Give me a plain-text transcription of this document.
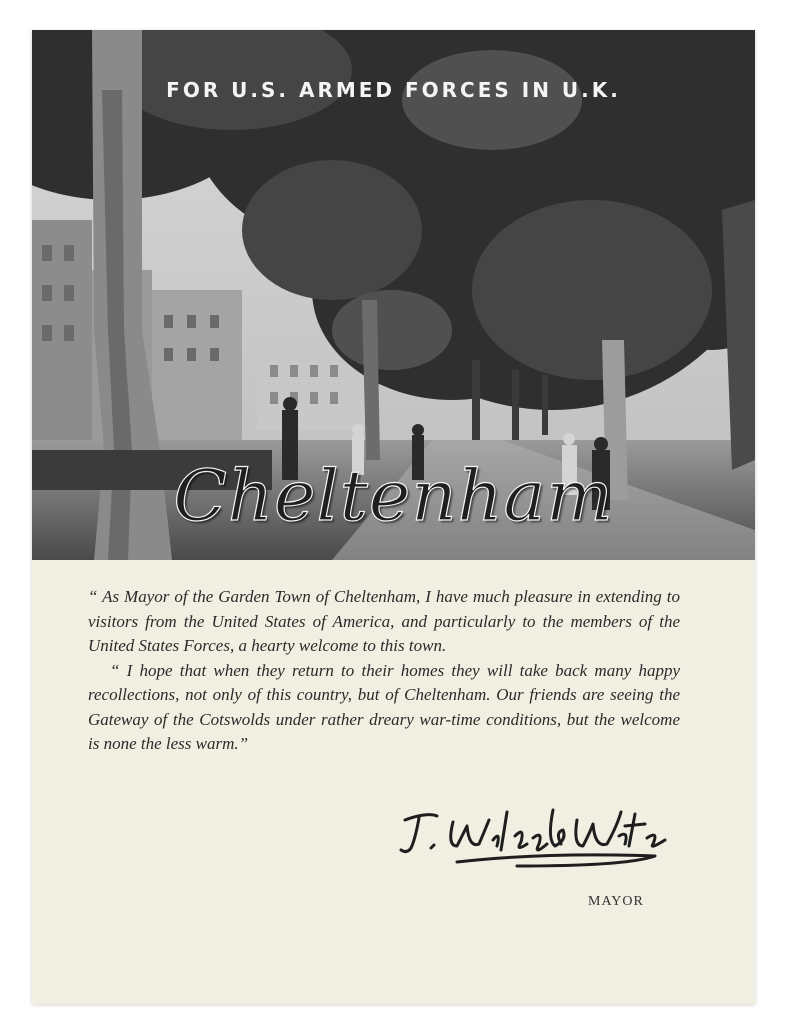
FOR U.S. ARMED FORCES IN U.K.
Cheltenham

“ As Mayor of the Garden Town of Cheltenham, I have much pleasure in extending to visitors from the United States of America, and particularly to the members of the United States Forces, a hearty welcome to this town.

“ I hope that when they return to their homes they will take back many happy recollections, not only of this country, but of Cheltenham. Our friends are seeing the Gateway of the Cotswolds under rather dreary war-time conditions, but the welcome is none the less warm.”

MAYOR
